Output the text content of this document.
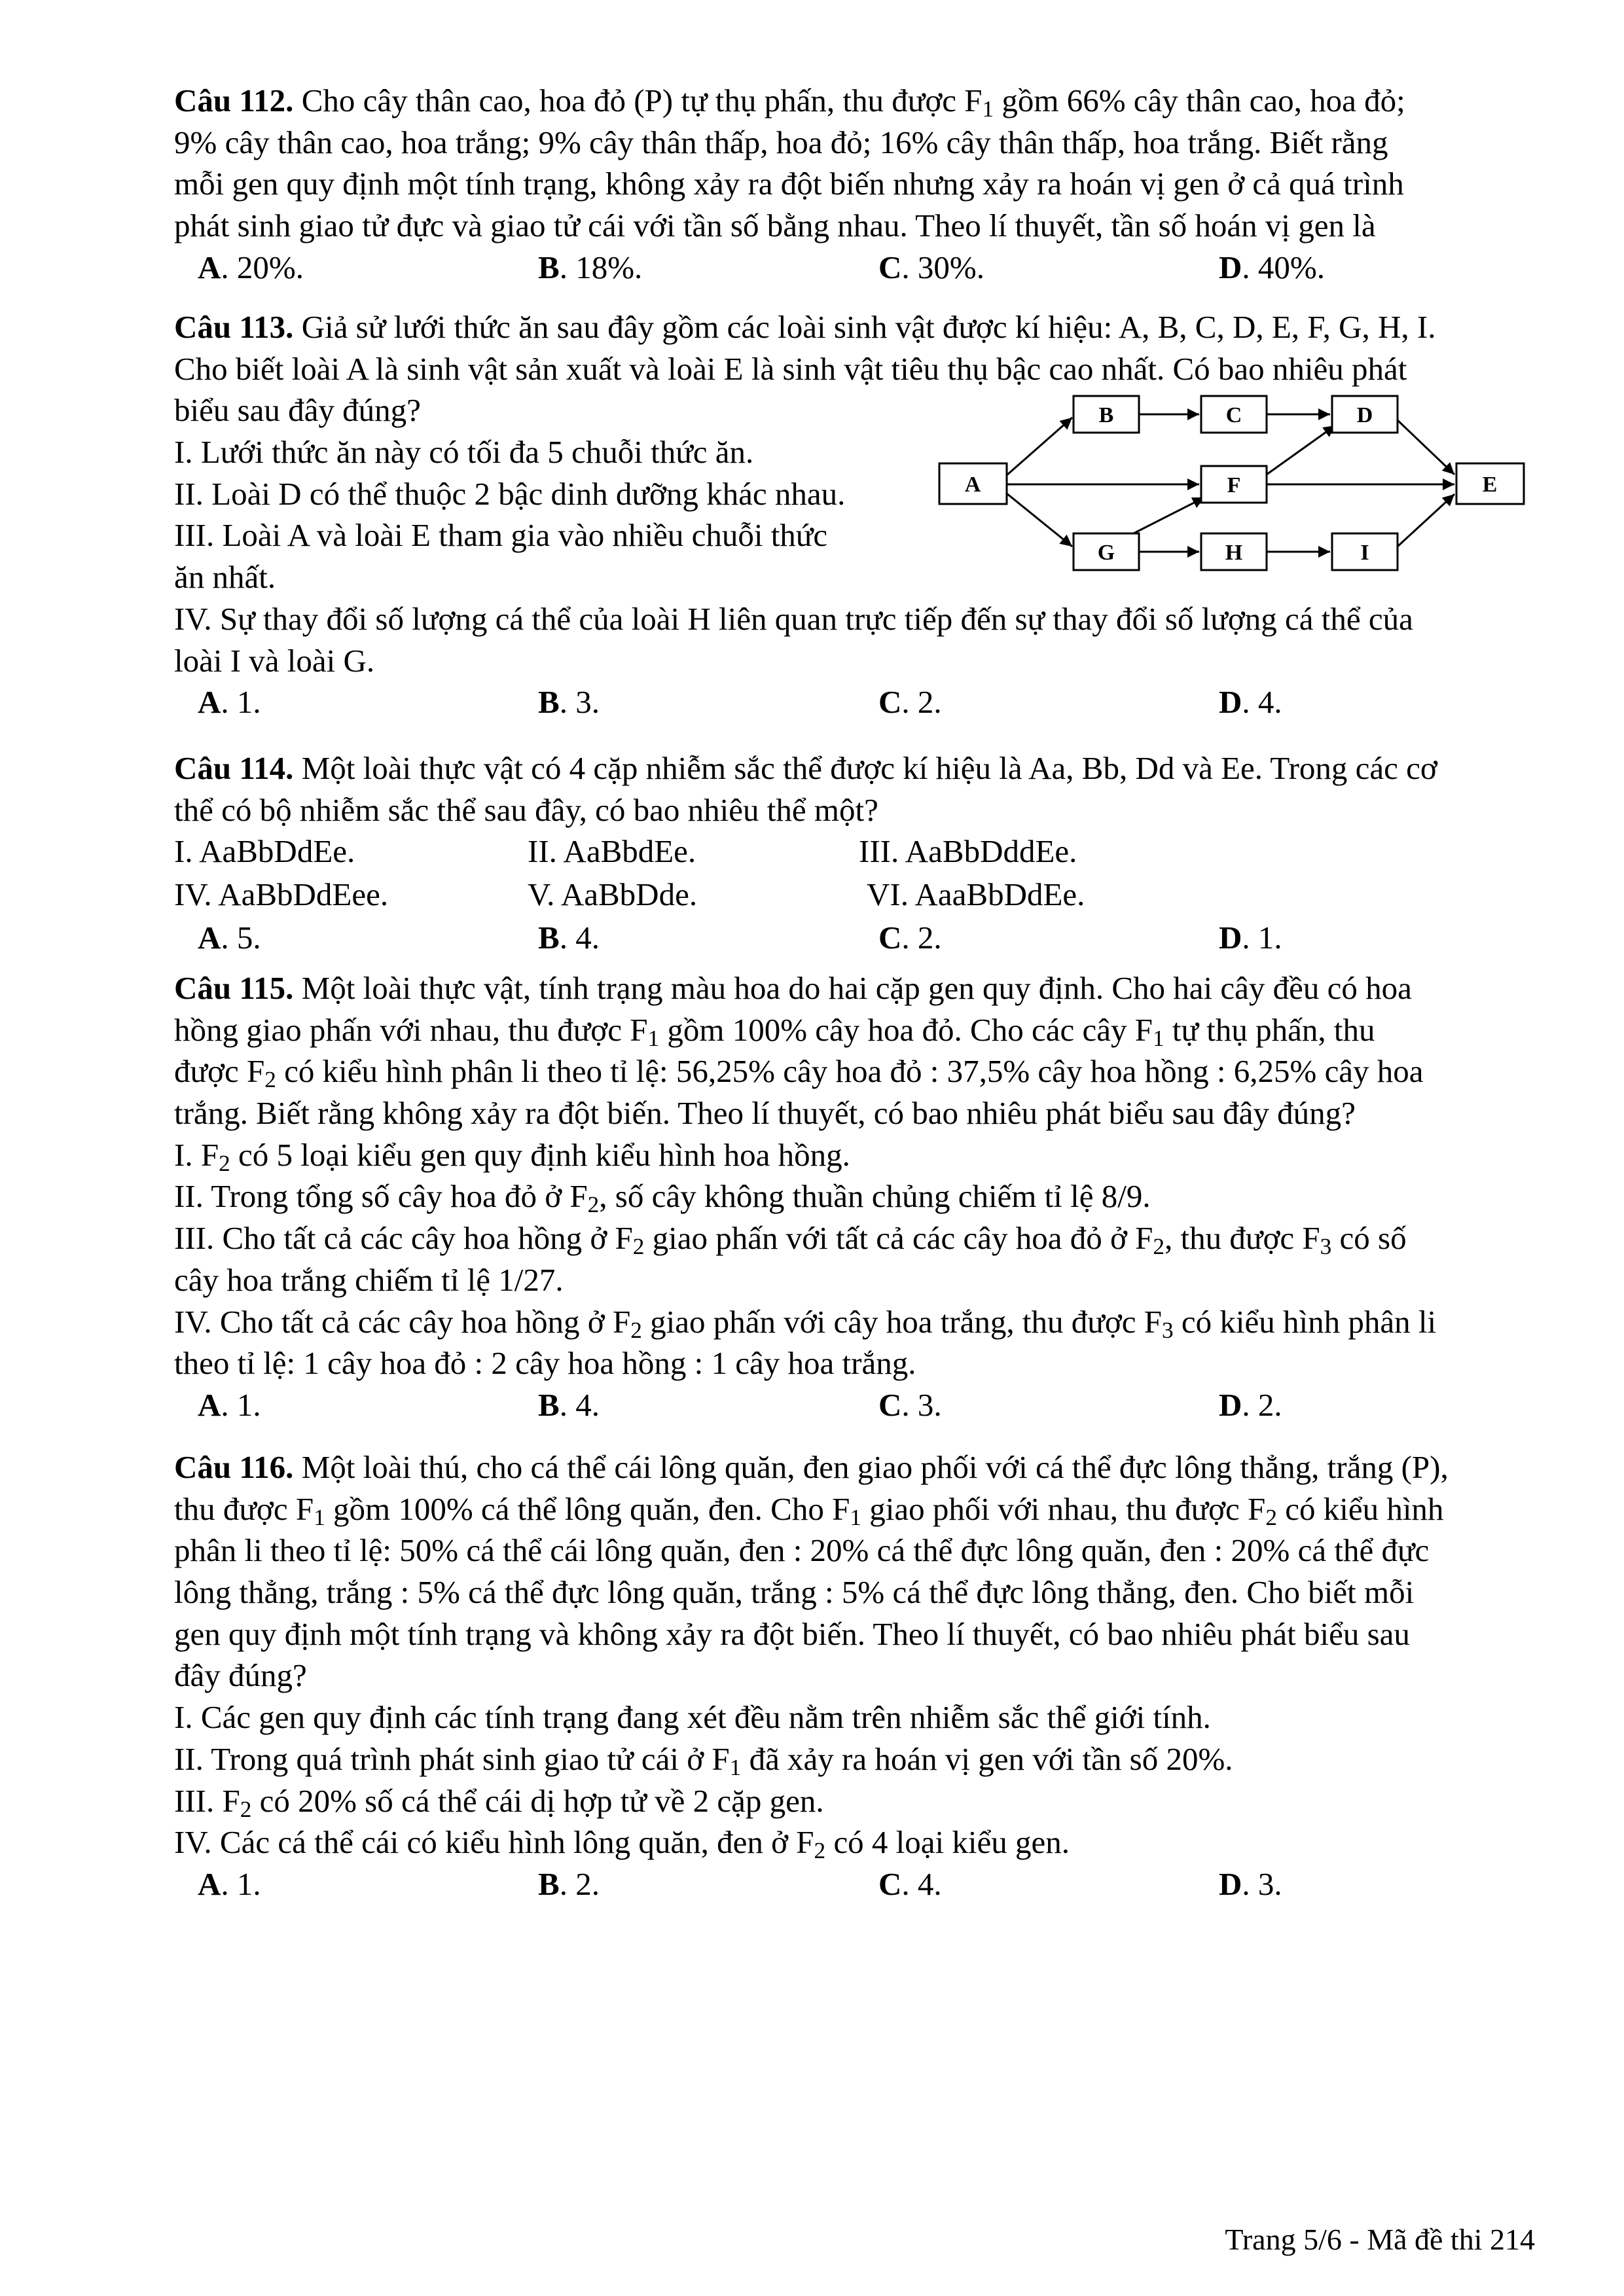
Câu 112. Cho cây thân cao, hoa đỏ (P) tự thụ phấn, thu được $F_1$ gồm 66% cây thân cao, hoa đỏ;
9% cây thân cao, hoa trắng; 9% cây thân thấp, hoa đỏ; 16% cây thân thấp, hoa trắng. Biết rằng
mỗi gen quy định một tính trạng, không xảy ra đột biến nhưng xảy ra hoán vị gen ở cả quá trình
phát sinh giao tử đực và giao tử cái với tần số bằng nhau. Theo lí thuyết, tần số hoán vị gen là
A. 20%.	B. 18%.	C. 30%.	D. 40%.
Câu 113. Giả sử lưới thức ăn sau đây gồm các loài sinh vật được kí hiệu: A, B, C, D, E, F, G, H, I.
Cho biết loài A là sinh vật sản xuất và loài E là sinh vật tiêu thụ bậc cao nhất. Có bao nhiêu phát
biểu sau đây đúng?
I. Lưới thức ăn này có tối đa 5 chuỗi thức ăn.
II. Loài D có thể thuộc 2 bậc dinh dưỡng khác nhau.
III. Loài A và loài E tham gia vào nhiều chuỗi thức
ăn nhất.
IV. Sự thay đổi số lượng cá thể của loài H liên quan trực tiếp đến sự thay đổi số lượng cá thể của
loài I và loài G.
A. 1.	B. 3.	C. 2.	D. 4.
A
B	C	D
F	E
G	H	I
Câu 114. Một loài thực vật có 4 cặp nhiễm sắc thể được kí hiệu là Aa, Bb, Dd và Ee. Trong các cơ
thể có bộ nhiễm sắc thể sau đây, có bao nhiêu thể một?
I. AaBbDdEe.	II. AaBbdEe.	III. AaBbDddEe.
IV. AaBbDdEee.	V. AaBbDde.	VI. AaaBbDdEe.
A. 5.	B. 4.	C. 2.	D. 1.
Câu 115. Một loài thực vật, tính trạng màu hoa do hai cặp gen quy định. Cho hai cây đều có hoa
hồng giao phấn với nhau, thu được $F_1$ gồm 100% cây hoa đỏ. Cho các cây $F_1$ tự thụ phấn, thu
được $F_2$ có kiểu hình phân li theo tỉ lệ: 56,25% cây hoa đỏ : 37,5% cây hoa hồng : 6,25% cây hoa
trắng. Biết rằng không xảy ra đột biến. Theo lí thuyết, có bao nhiêu phát biểu sau đây đúng?
I. $F_2$ có 5 loại kiểu gen quy định kiểu hình hoa hồng.
II. Trong tổng số cây hoa đỏ ở $F_2$, số cây không thuần chủng chiếm tỉ lệ 8/9.
III. Cho tất cả các cây hoa hồng ở $F_2$ giao phấn với tất cả các cây hoa đỏ ở $F_2$, thu được $F_3$ có số
cây hoa trắng chiếm tỉ lệ 1/27.
IV. Cho tất cả các cây hoa hồng ở $F_2$ giao phấn với cây hoa trắng, thu được $F_3$ có kiểu hình phân li
theo tỉ lệ: 1 cây hoa đỏ : 2 cây hoa hồng : 1 cây hoa trắng.
A. 1.	B. 4.	C. 3.	D. 2.
Câu 116. Một loài thú, cho cá thể cái lông quăn, đen giao phối với cá thể đực lông thẳng, trắng (P),
thu được $F_1$ gồm 100% cá thể lông quăn, đen. Cho $F_1$ giao phối với nhau, thu được $F_2$ có kiểu hình
phân li theo tỉ lệ: 50% cá thể cái lông quăn, đen : 20% cá thể đực lông quăn, đen : 20% cá thể đực
lông thẳng, trắng : 5% cá thể đực lông quăn, trắng : 5% cá thể đực lông thẳng, đen. Cho biết mỗi
gen quy định một tính trạng và không xảy ra đột biến. Theo lí thuyết, có bao nhiêu phát biểu sau
đây đúng?
I. Các gen quy định các tính trạng đang xét đều nằm trên nhiễm sắc thể giới tính.
II. Trong quá trình phát sinh giao tử cái ở $F_1$ đã xảy ra hoán vị gen với tần số 20%.
III. $F_2$ có 20% số cá thể cái dị hợp tử về 2 cặp gen.
IV. Các cá thể cái có kiểu hình lông quăn, đen ở $F_2$ có 4 loại kiểu gen.
A. 1.	B. 2.	C. 4.	D. 3.
Trang 5/6 - Mã đề thi 214
